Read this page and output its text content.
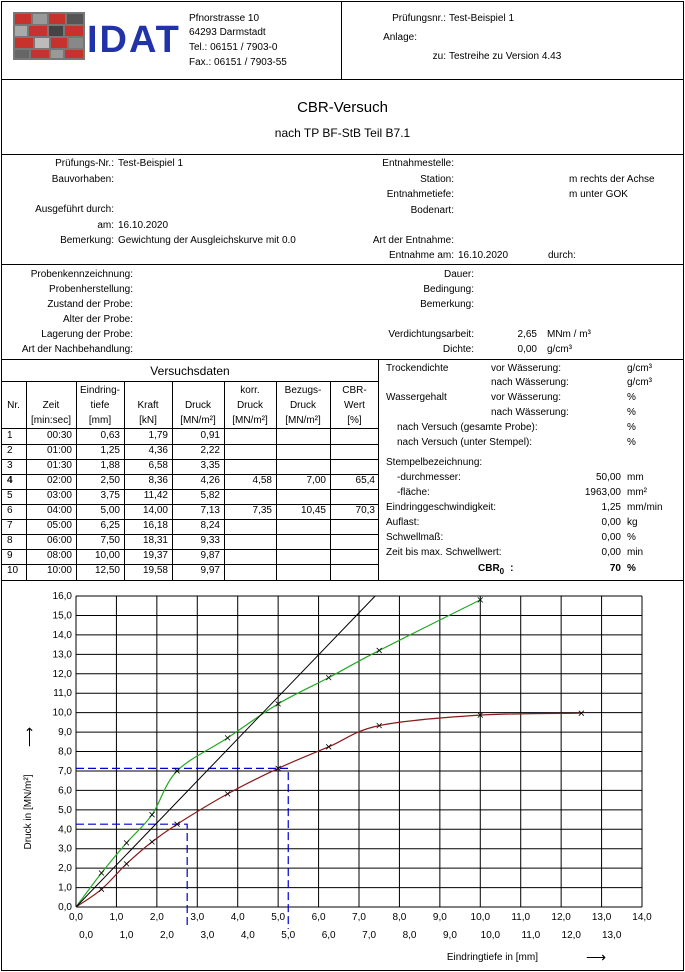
IDAT
Pfnorstrasse 10
64293 Darmstadt
Tel.: 06151 / 7903-0
Fax.: 06151 / 7903-55
Prüfungsnr.: Test-Beispiel 1
Anlage:
zu: Testreihe zu Version 4.43
CBR-Versuch
nach TP BF-StB Teil B7.1
Prüfungs-Nr.: Test-Beispiel 1
Bauvorhaben:
Ausgeführt durch:
am: 16.10.2020
Bemerkung: Gewichtung der Ausgleichskurve mit 0.0
Entnahmestelle:
Station:	m rechts der Achse
Entnahmetiefe:	m unter GOK
Bodenart:
Art der Entnahme:
Entnahme am: 16.10.2020	durch:
Probenkennzeichnung:
Probenherstellung:
Zustand der Probe:
Alter der Probe:
Lagerung der Probe:
Art der Nachbehandlung:
Dauer:
Bedingung:
Bemerkung:
Verdichtungsarbeit:	2,65 MNm / m³
Dichte:	0,00 g/cm³
Versuchsdaten
Nr.	Zeit
[min:sec]
Eindring-
tiefe
[mm]
Kraft
[kN]
Druck
[MN/m²]
korr.
Druck
[MN/m²]
Bezugs-
Druck
[MN/m²]
CBR-
Wert
[%]
1	00:30	0,63	1,79	0,91
2	01:00	1,25	4,36	2,22
3	01:30	1,88	6,58	3,35
4	02:00	2,50	8,36	4,26	4,58	7,00	65,4
5	03:00	3,75	11,42	5,82
6	04:00	5,00	14,00	7,13	7,35	10,45	70,3
7	05:00	6,25	16,18	8,24
8	06:00	7,50	18,31	9,33
9	08:00	10,00	19,37	9,87
10	10:00	12,50	19,58	9,97
Trockendichte	vor Wässerung:	g/cm³
nach Wässerung:	g/cm³
Wassergehalt	vor Wässerung:	%
nach Wässerung:	%
nach Versuch (gesamte Probe):	%
nach Versuch (unter Stempel):	%
Stempelbezeichnung:
-durchmesser:	50,00 mm
-fläche:	1963,00 mm²
Eindringgeschwindigkeit:	1,25 mm/min
Auflast:	0,00 kg
Schwellmaß:	0,00 %
Zeit bis max. Schwellwert:	0,00 min
$CBR_0$ :	70 %
0,0
1,0
2,0
3,0
4,0
5,0
6,0
7,0
8,0
9,0
10,0
11,0
12,0
13,0
14,0
15,0
16,0
0,0	1,0	2,0	3,0	4,0	5,0	6,0	7,0	8,0	9,0 10,0 11,0 12,0 13,0 14,0
0,0	1,0	2,0	3,0	4,0	5,0	6,0	7,0	8,0	9,0 10,0 11,0 12,0 13,0
Eindringtiefe in [mm]	⟶
Druck in [MN/m²]
⟶
